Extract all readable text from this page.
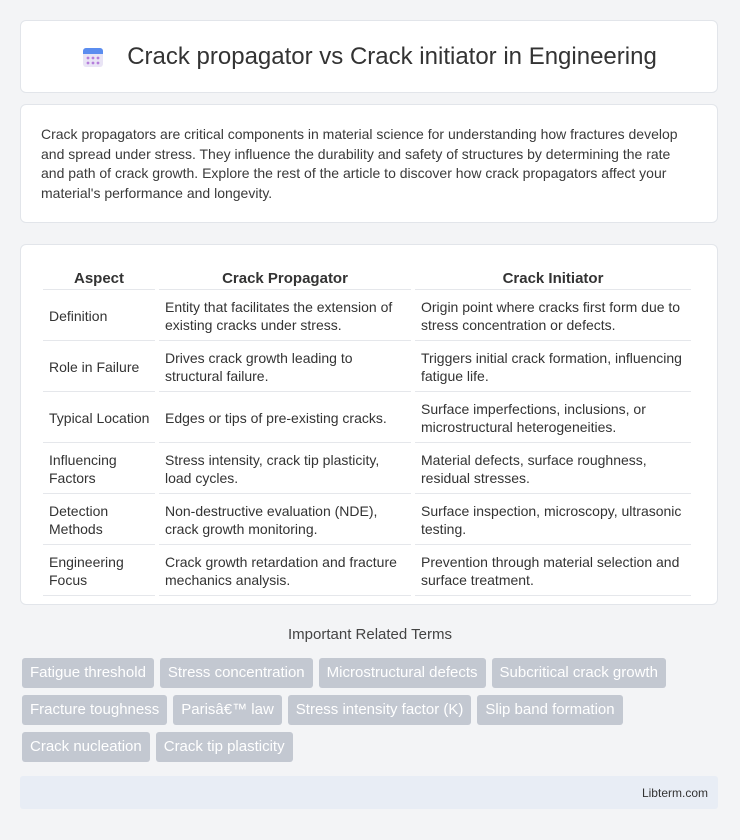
Crack propagator vs Crack initiator in Engineering

Crack propagators are critical components in material science for understanding how fractures develop and spread under stress. They influence the durability and safety of structures by determining the rate and path of crack growth. Explore the rest of the article to discover how crack propagators affect your material's performance and longevity.

Aspect	Crack Propagator	Crack Initiator
Definition	Entity that facilitates the extension of existing cracks under stress.	Origin point where cracks first form due to stress concentration or defects.
Role in Failure	Drives crack growth leading to structural failure.	Triggers initial crack formation, influencing fatigue life.
Typical Location	Edges or tips of pre-existing cracks.	Surface imperfections, inclusions, or microstructural heterogeneities.
Influencing Factors	Stress intensity, crack tip plasticity, load cycles.	Material defects, surface roughness, residual stresses.
Detection Methods	Non-destructive evaluation (NDE), crack growth monitoring.	Surface inspection, microscopy, ultrasonic testing.
Engineering Focus	Crack growth retardation and fracture mechanics analysis.	Prevention through material selection and surface treatment.
Important Related Terms
Fatigue threshold	Stress concentration	Microstructural defects	Subcritical crack growth
Fracture toughness	Parisâ€™ law	Stress intensity factor (K)	Slip band formation
Crack nucleation	Crack tip plasticity
Libterm.com
